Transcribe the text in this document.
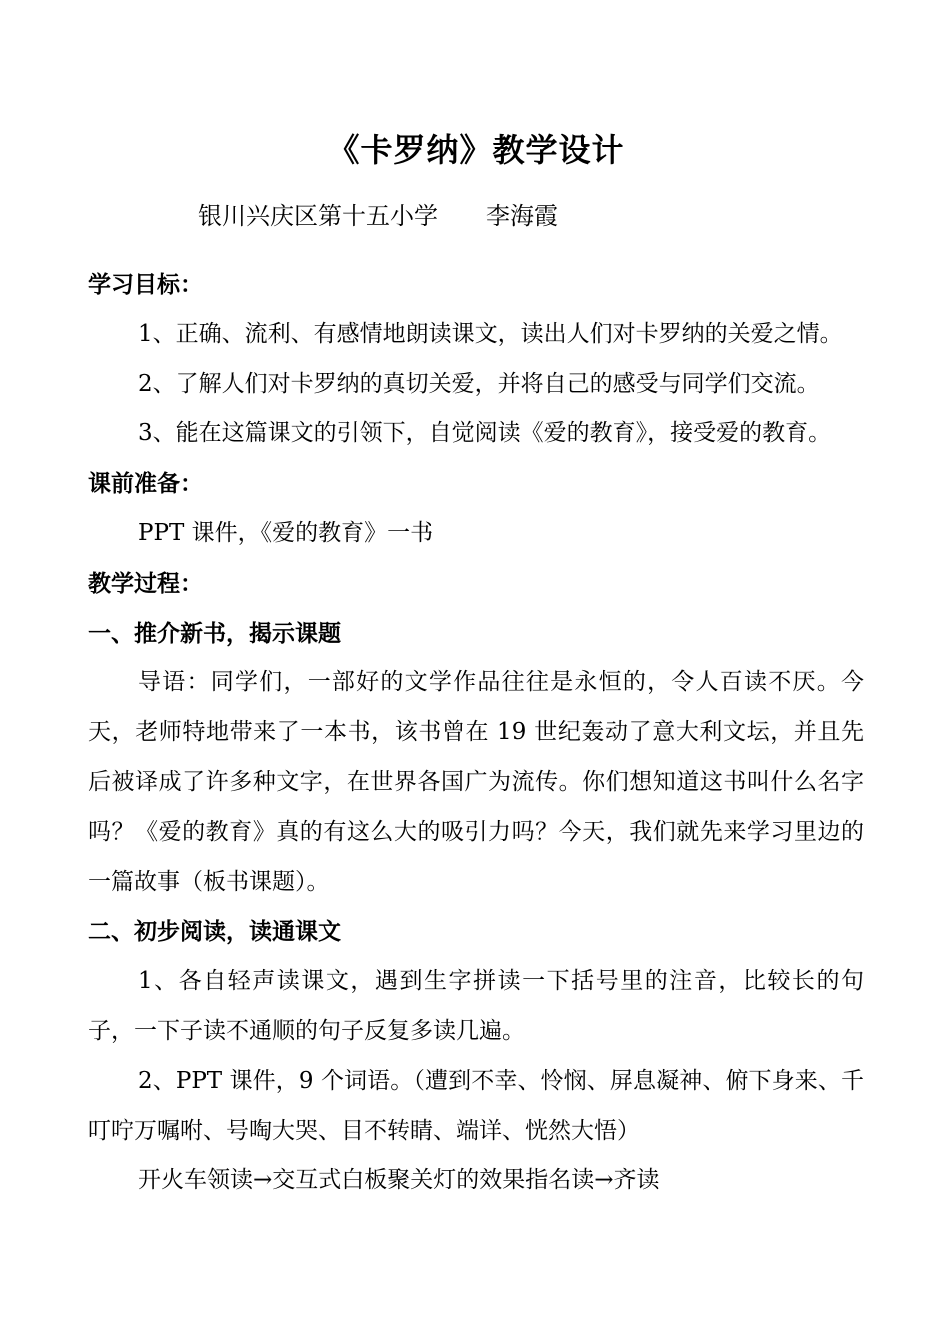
《卡罗纳》教学设计
银川兴庆区第十五小学　　李海霞

学习目标：

1、正确、流利、有感情地朗读课文，读出人们对卡罗纳的关爱之情。

2、了解人们对卡罗纳的真切关爱，并将自己的感受与同学们交流。

3、能在这篇课文的引领下，自觉阅读《爱的教育》，接受爱的教育。

课前准备：

PPT 课件，《爱的教育》一书

教学过程：

一、推介新书，揭示课题

导语：同学们，一部好的文学作品往往是永恒的，令人百读不厌。今天，老师特地带来了一本书，该书曾在 19 世纪轰动了意大利文坛，并且先后被译成了许多种文字，在世界各国广为流传。你们想知道这书叫什么名字吗？《爱的教育》真的有这么大的吸引力吗？今天，我们就先来学习里边的一篇故事（板书课题）。

二、初步阅读，读通课文

1、各自轻声读课文，遇到生字拼读一下括号里的注音，比较长的句子，一下子读不通顺的句子反复多读几遍。

2、PPT 课件，9 个词语。（遭到不幸、怜悯、屏息凝神、俯下身来、千叮咛万嘱咐、号啕大哭、目不转睛、端详、恍然大悟）

开火车领读→交互式白板聚关灯的效果指名读→齐读
